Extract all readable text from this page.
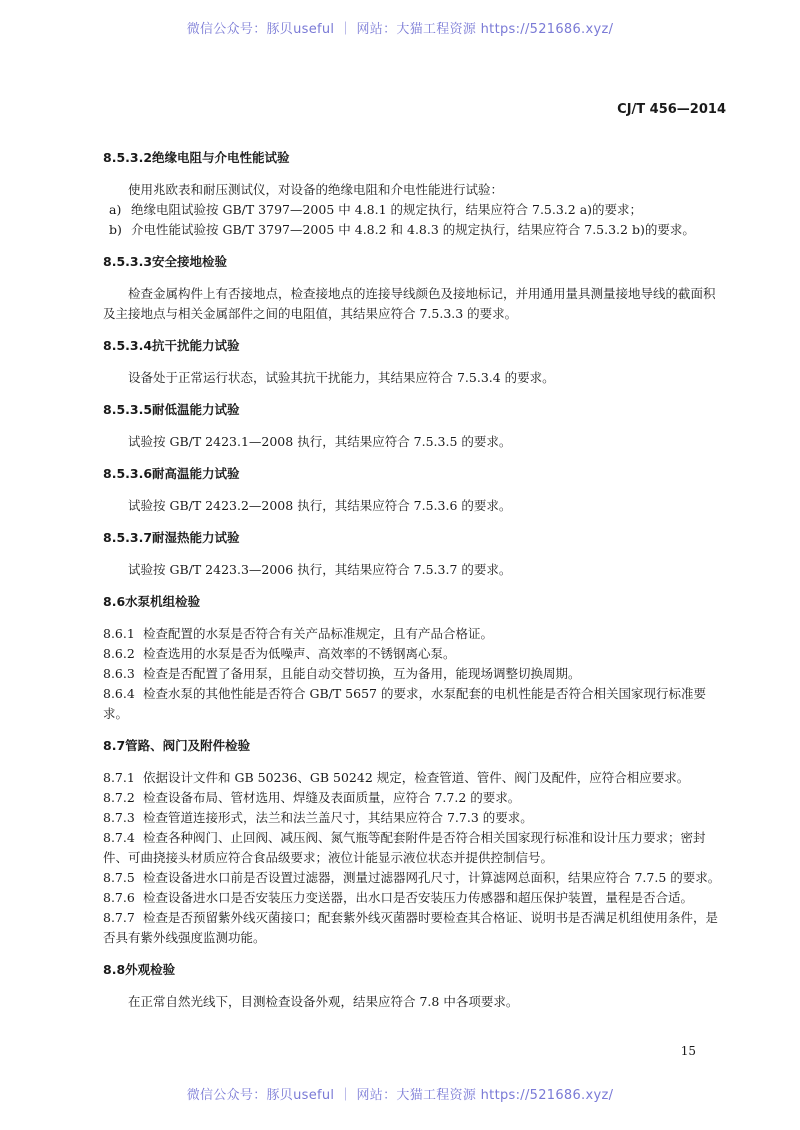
微信公众号：豚贝useful ｜ 网站：大猫工程资源 https://521686.xyz/
CJ/T 456—2014

8.5.3.2绝缘电阻与介电性能试验

使用兆欧表和耐压测试仪，对设备的绝缘电阻和介电性能进行试验：

a) 绝缘电阻试验按 GB/T 3797—2005 中 4.8.1 的规定执行，结果应符合 7.5.3.2 a)的要求；

b) 介电性能试验按 GB/T 3797—2005 中 4.8.2 和 4.8.3 的规定执行，结果应符合 7.5.3.2 b)的要求。

8.5.3.3安全接地检验

检查金属构件上有否接地点，检查接地点的连接导线颜色及接地标记，并用通用量具测量接地导线的截面积及主接地点与相关金属部件之间的电阻值，其结果应符合 7.5.3.3 的要求。

8.5.3.4抗干扰能力试验

设备处于正常运行状态，试验其抗干扰能力，其结果应符合 7.5.3.4 的要求。

8.5.3.5耐低温能力试验

试验按 GB/T 2423.1—2008 执行，其结果应符合 7.5.3.5 的要求。

8.5.3.6耐高温能力试验

试验按 GB/T 2423.2—2008 执行，其结果应符合 7.5.3.6 的要求。

8.5.3.7耐湿热能力试验

试验按 GB/T 2423.3—2006 执行，其结果应符合 7.5.3.7 的要求。

8.6水泵机组检验

8.6.1 检查配置的水泵是否符合有关产品标准规定，且有产品合格证。

8.6.2 检查选用的水泵是否为低噪声、高效率的不锈钢离心泵。

8.6.3 检查是否配置了备用泵，且能自动交替切换，互为备用，能现场调整切换周期。

8.6.4 检查水泵的其他性能是否符合 GB/T 5657 的要求，水泵配套的电机性能是否符合相关国家现行标准要求。

8.7管路、阀门及附件检验

8.7.1 依据设计文件和 GB 50236、GB 50242 规定，检查管道、管件、阀门及配件，应符合相应要求。

8.7.2 检查设备布局、管材选用、焊缝及表面质量，应符合 7.7.2 的要求。

8.7.3 检查管道连接形式，法兰和法兰盖尺寸，其结果应符合 7.7.3 的要求。

8.7.4 检查各种阀门、止回阀、减压阀、氮气瓶等配套附件是否符合相关国家现行标准和设计压力要求；密封件、可曲挠接头材质应符合食品级要求；液位计能显示液位状态并提供控制信号。

8.7.5 检查设备进水口前是否设置过滤器，测量过滤器网孔尺寸，计算滤网总面积，结果应符合 7.7.5 的要求。

8.7.6 检查设备进水口是否安装压力变送器，出水口是否安装压力传感器和超压保护装置，量程是否合适。

8.7.7 检查是否预留紫外线灭菌接口；配套紫外线灭菌器时要检查其合格证、说明书是否满足机组使用条件，是否具有紫外线强度监测功能。

8.8外观检验

在正常自然光线下，目测检查设备外观，结果应符合 7.8 中各项要求。

15
微信公众号：豚贝useful ｜ 网站：大猫工程资源 https://521686.xyz/
